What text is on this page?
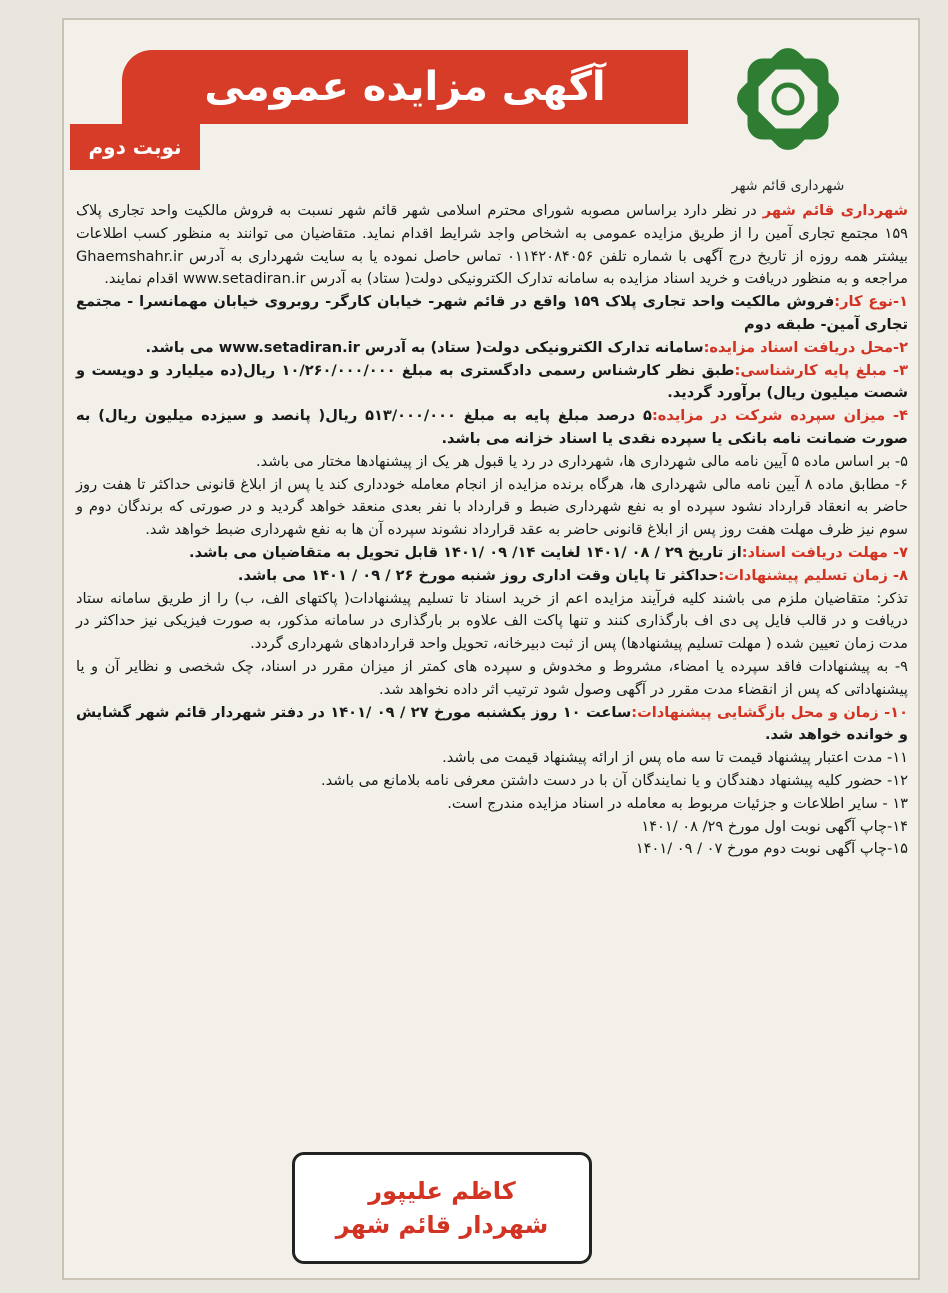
شهرداری قائم شهر
آگهی مزایده عمومی
نوبت دوم

شهرداری قائم شهر در نظر دارد براساس مصوبه شورای محترم اسلامی شهر قائم شهر نسبت به فروش مالکیت واحد تجاری پلاک ۱۵۹ مجتمع تجاری آمین را از طریق مزایده عمومی به اشخاص واجد شرایط اقدام نماید. متقاضیان می توانند به منظور کسب اطلاعات بیشتر همه روزه از تاریخ درج آگهی با شماره تلفن ۰۱۱۴۲۰۸۴۰۵۶ تماس حاصل نموده یا به سایت شهرداری به آدرس Ghaemshahr.ir مراجعه و به منظور دریافت و خرید اسناد مزایده به سامانه تدارک الکترونیکی دولت( ستاد) به آدرس www.setadiran.ir اقدام نمایند.

۱-نوع کار:فروش مالکیت واحد تجاری پلاک ۱۵۹ واقع در قائم شهر- خیابان کارگر- روبروی خیابان مهمانسرا - مجتمع تجاری آمین- طبقه دوم

۲-محل دریافت اسناد مزایده:سامانه تدارک الکترونیکی دولت( ستاد) به آدرس www.setadiran.ir می باشد.

۳- مبلغ پایه کارشناسی:طبق نظر کارشناس رسمی دادگستری به مبلغ ۱۰/۲۶۰/۰۰۰/۰۰۰ ریال(ده میلیارد و دویست و شصت میلیون ریال) برآورد گردید.

۴- میزان سپرده شرکت در مزایده:۵ درصد مبلغ پایه به مبلغ ۵۱۳/۰۰۰/۰۰۰ ریال( پانصد و سیزده میلیون ریال) به صورت ضمانت نامه بانکی یا سپرده نقدی یا اسناد خزانه می باشد.

۵- بر اساس ماده ۵ آیین نامه مالی شهرداری ها، شهرداری در رد یا قبول هر یک از پیشنهادها مختار می باشد.

۶- مطابق ماده ۸ آیین نامه مالی شهرداری ها، هرگاه برنده مزایده از انجام معامله خودداری کند یا پس از ابلاغ قانونی حداکثر تا هفت روز حاضر به انعقاد قرارداد نشود سپرده او به نفع شهرداری ضبط و قرارداد با نفر بعدی منعقد خواهد گردید و در صورتی که برندگان دوم و سوم نیز ظرف مهلت هفت روز پس از ابلاغ قانونی حاضر به عقد قرارداد نشوند سپرده آن ها به نفع شهرداری ضبط خواهد شد.

۷- مهلت دریافت اسناد:از تاریخ ۲۹ / ۰۸ /۱۴۰۱ لغایت ۱۴/ ۰۹ /۱۴۰۱ قابل تحویل به متقاضیان می باشد.

۸- زمان تسلیم پیشنهادات:حداکثر تا پایان وقت اداری روز شنبه مورخ ۲۶ / ۰۹ / ۱۴۰۱ می باشد.

تذکر: متقاضیان ملزم می باشند کلیه فرآیند مزایده اعم از خرید اسناد تا تسلیم پیشنهادات( پاکتهای الف، ب) را از طریق سامانه ستاد دریافت و در قالب فایل پی دی اف بارگذاری کنند و تنها پاکت الف علاوه بر بارگذاری در سامانه مذکور، به صورت فیزیکی نیز حداکثر در مدت زمان تعیین شده ( مهلت تسلیم پیشنهادها) پس از ثبت دبیرخانه، تحویل واحد قراردادهای شهرداری گردد.

۹- به پیشنهادات فاقد سپرده یا امضاء، مشروط و مخدوش و سپرده های کمتر از میزان مقرر در اسناد، چک شخصی و نظایر آن و یا پیشنهاداتی که پس از انقضاء مدت مقرر در آگهی وصول شود ترتیب اثر داده نخواهد شد.

۱۰- زمان و محل بازگشایی پیشنهادات:ساعت ۱۰ روز یکشنبه مورخ ۲۷ / ۰۹ /۱۴۰۱ در دفتر شهردار قائم شهر گشایش و خوانده خواهد شد.

۱۱- مدت اعتبار پیشنهاد قیمت تا سه ماه پس از ارائه پیشنهاد قیمت می باشد.

۱۲- حضور کلیه پیشنهاد دهندگان و یا نمایندگان آن با در دست داشتن معرفی نامه بلامانع می باشد.

۱۳ - سایر اطلاعات و جزئیات مربوط به معامله در اسناد مزایده مندرج است.

۱۴-چاپ آگهی نوبت اول مورخ ۲۹/ ۰۸ /۱۴۰۱

۱۵-چاپ آگهی نوبت دوم مورخ ۰۷ / ۰۹ /۱۴۰۱

کاظم علیپور
شهردار قائم شهر
